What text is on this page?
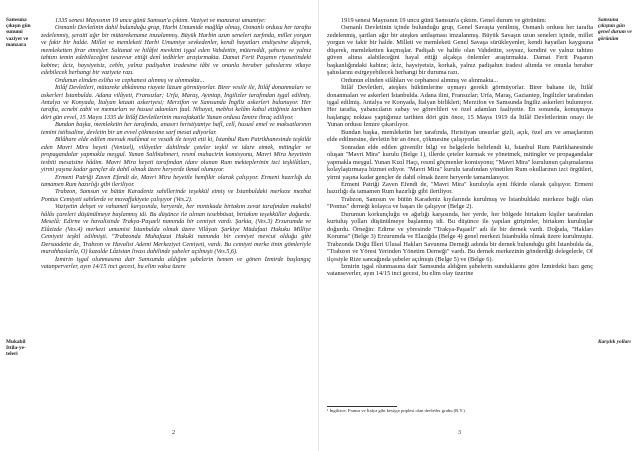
Samsuna çıkışın gün sunumi vaziyet ve manzara
Mukabil Ittila-ye-teleri

1335 senesi Mayısının 19 uncu günü Samsun'a çıktım. Vaziyet ve manzarai umumiye:

Osmanlı Devletinin dahil bulunduğu grup, Harbi Umumide mağlûp olmuş, Osmanlı ordusu her tarafta zedelenmiş, şeraiti ağır bir mütarekename imzalanmış. Büyük Harbin uzun seneleri zarfında, millet yorgun ve fakir bir halde. Millet ve memleketi Harbi Umumiye sevkedenler, kendi hayatları endişesine düşerek, memleketten firar etmişler. Saltanat ve hilâfet mevkiini işgal eden Vahdettin, mütereddi, şahsını ve yalnız tahtını temin edebileceğini tasavvur ettiği denî tedbirler araştırmakta. Damat Ferit Paşanın riyasetindeki kabine; âciz, haysiyetsiz, cebîn, yalnız padişahın iradesine tâbi ve onunla beraber şahıslarını vikaye edebilecek herhangi bir vaziyete razı.

Ordunun elinden esliha ve cephanesi alınmış ve alınmakta...

İtilâf Devletleri, mütareke ahkâmına riayete lüzum görmüyorlar. Birer vesile ile, İtilâf donanmaları ve askerleri İstanbulda. Adana vilâyeti, Fransızlar; Urfa, Maraş, Ayıntap, İngilizler tarafından işgal edilmiş. Antalya ve Konyada, İtalyan kıtaatı askeriyesi; Merzifon ve Samsunda İngiliz askerleri bulunuyor. Her tarafta, ecnebi zabit ve memurları ve hususi adamları faal. Nihayet, mebhsi kelâm kabul ettiğimiz tarihten dört gün evvel, 15 Mayıs 1335 de İtilâf Devletlerinin muvafakatile Yunan ordusu İzmire ihraç ediliyor.

Bundan başka, memleketin her tarafında, anasırı hıristiyaniye hafî, celî, hususî emel ve maksatlarının temini istihsaline, devletin bir an evvel çökmesine sarf mesai ediyorlar.

Bilâhare elde edilen mevsuk malûmat ve vesaik ile tesyit etti ki, İstanbul Rum Patrikhanesinde teşkilât eden Mavri Mira heyeti (Venizel), vilâyetler dahilinde çeteler teşkil ve idare etmek, mitingler ve propagandalar yapmakla meşgul. Yunan Salibiahmeri, resmî muhacirin komisyonu, Mavri Mira heyetinin tesbiti mesaisine hâdim. Mavri Mira heyeti tarafından idare olunan Rum mekteplerinin izci teşkilâtları, yirmi yaşına kadar gençler de dahil olmak üzere heryerde ikmal olunuyor.

Ermeni Patriği Zaven Efendi de, Mavri Mira heyetile hemfikir olarak çalışıyor. Ermeni hazırlığı da tamamen Rum hazırlığı gibi ileriliyor.

Trabzon, Samsun ve bütün Karadeniz sahillerinde teşekkül etmiş ve İstanbuldaki merkeze mezbut Pontus Cemiyeti sahilerde ve muvaffakiyete çalışıyor (Ves.2).

Vaziyetin dehşet ve vahametî karşısında, heryerde, her mıntıkada birtakım zevat tarafından mukabil hâlâs çareleri düşünülmeye başlanmış idi. Bu düşünce ile alınan tesebbüsat, birtakım teşekküller doğurdu. Meselâ: Edirne ve havalisinde Trakya-Paşaeli namında bir cemiyet vardı. Şarkta, (Ves.3) Erzurumda ve Elâzizde (Ves.4) merkezi umumisi İstanbulda olmak üzere Vilâyatı Şarkiye Müdafaai Hukuku Milliye Cemiyeti teşkil edilmişti. "Trabzonda Muhafazai Hukuki namında bir cemiyet mevcut olduğu gibi Dersaadette de, Trabzon ve Havalisi Ademi Merkeziyet Cemiyeti, vardı. Bu cemiyet merke tinin gömleriyle murahhaslarla, O) kazalde Lâzistan livası dahilinde şubeler açılmıştı (Ves.5,6).

İzmirin işgal olunmasına dair Samsunda aldığım şubelerin hemen ve gönen İzmirde başlangıç vatanperverler, ayın 14/15 inci gecesi, bu elim vakıa üzere

2

1919 senesi Mayısının 19 uncu günü Samsun'a çıktım. Genel durum ve görünüm:

Osmanlı Devletinin içinde bulunduğu grup, Genel Savaşta yenilmiş, Osmanlı ordusu her tarafta zedelenmiş, şartları ağır bir ateşkes antlaşması imzalanmış. Büyük Savaşın uzun seneleri içinde, millet yorgun ve fakir bir halde. Milleti ve memleketi Genel Savaşa sürükleyenler, kendi hayatları kaygısına düşerek, memleketten kaçmışlar. Padişah ve halife olan Vahdettin, soysuz, kendini ve yalnız tahtını güven altına alabileceğini hayal ettiği alçakça önlemler araştırmakta. Damat Ferit Paşanın başkanlığındaki kabine; âciz, haysiyetsiz, korkak, yalnız padişahın iradesi altında ve onunla beraber şahıslarını esirgeyebilecek herhangi bir duruma razı.

Ordunun elinden silâhları ve cephanesi alınmış ve alınmakta...

İtilâf Devletleri, ateşkes hükümlerine uymayı gerekli görmüyorlar. Birer bahane ile, İtilâf donanmaları ve askerleri İstanbulda. Adana ilini, Fransızlar; Urfa, Maraş, Gaziantep, İngilizler tarafından işgal edilmiş. Antalya ve Konyada, İtalyan birlikleri; Merzifon ve Samsunda İngiliz askerleri bulunuyor. Her tarafta, yabancıların subay ve görevlileri ve özel adamları faaliyette. En sonunda, konuşmaya başlangıç noktası yaptığımız tarihten dört gün önce, 15 Mayıs 1919 da İtilâf Devletlerinin onayı ile Yunan ordusu İzmire çıkarılıyor.

Bundan başka, memleketin her tarafında, Hıristiyan unsurlar gizli, açık, özel ars ve amaçlarının elde edilmesine, devletin bir an önce, çökmesine çalışıyorlar.

Sonradan elde edilen güvenilir bilgi ve belgelerle belirlendi ki, İstanbul Rum Patrikhanesinde oluşan "Mavri Mira" kurulu (Belge 1), illerde çeteler kurmak ve yönetmek, mitingler ve propagandalar yapmakla meşgul. Yunan Kızıl Haçı, resmî göçmenler komisyonu; "Mavri Mira" kurulunun çalışmalarına kolaylaştırmaya hizmet ediyor. "Mavri Mira" kurulu tarafından yönetilen Rum okullarının izci örgütleri, yirmi yaşına kadar gençler de dahil olmak üzere heryerde tamamlanıyor.

Ermeni Patriği Zaven Efendi de, "Mavri Mira" kuruluyla ayni fikirde olarak çalışıyor. Ermeni hazırlığı da tamamen Rum hazırlığı gibi ileriliyor.

Trabzon, Samsun ve bütün Karadeniz kıyılarında kurulmuş ve İstanbuldaki merkeze bağlı olan "Pontus" derneği kolayca ve başarı ile çalışıyor (Belge 2).

Durumun korkunçluğu ve ağırlığı karşısında, her yerde, her bölgede birtakım kişiler tarafından kurtuluş yolları düşünülmeye başlanmış idi. Bu düşünce ile yapılan girişimler, birtakım kuruluşlar doğurdu. Örneğin: Edirne ve yöresinde "Trakya-Paşaeli" adı ile bir dernek vardı. Doğuda, "Hakları Koruma" (Belge 3) Erzurumda ve Elazığda (Belge 4) genel merkezi İstanbulda olmak üzere kurulmuştu. Trabzonda Doğu İlleri Ulusal Hakları Savunma Derneği adında bir dernek bulunduğu gibi İstanbulda da, "Trabzon ve Yöresi Yerinden Yönetim Derneği" vardı. Bu dernek merkezinin gönderdiği delegelerle, Of ilçesiyle Rize sancağında şubeler açılmıştı (Belge 5) ve (Belge 6).

İzmirin işgal olunmasına dair Samsunda aldığım şubelerin sunduklarını göre İzmirdeki bazı genç vatanseverler, ayın 14/15 inci gecesi, bu elim olay üzerine

Samsuna çıkıştan gün genel durum ve görünüm
Karşılık yolları
¹ İngilizce, Fransa ve İtalya gibi kesişçe poplesi olan devletler grubu (B.Y.)
3
